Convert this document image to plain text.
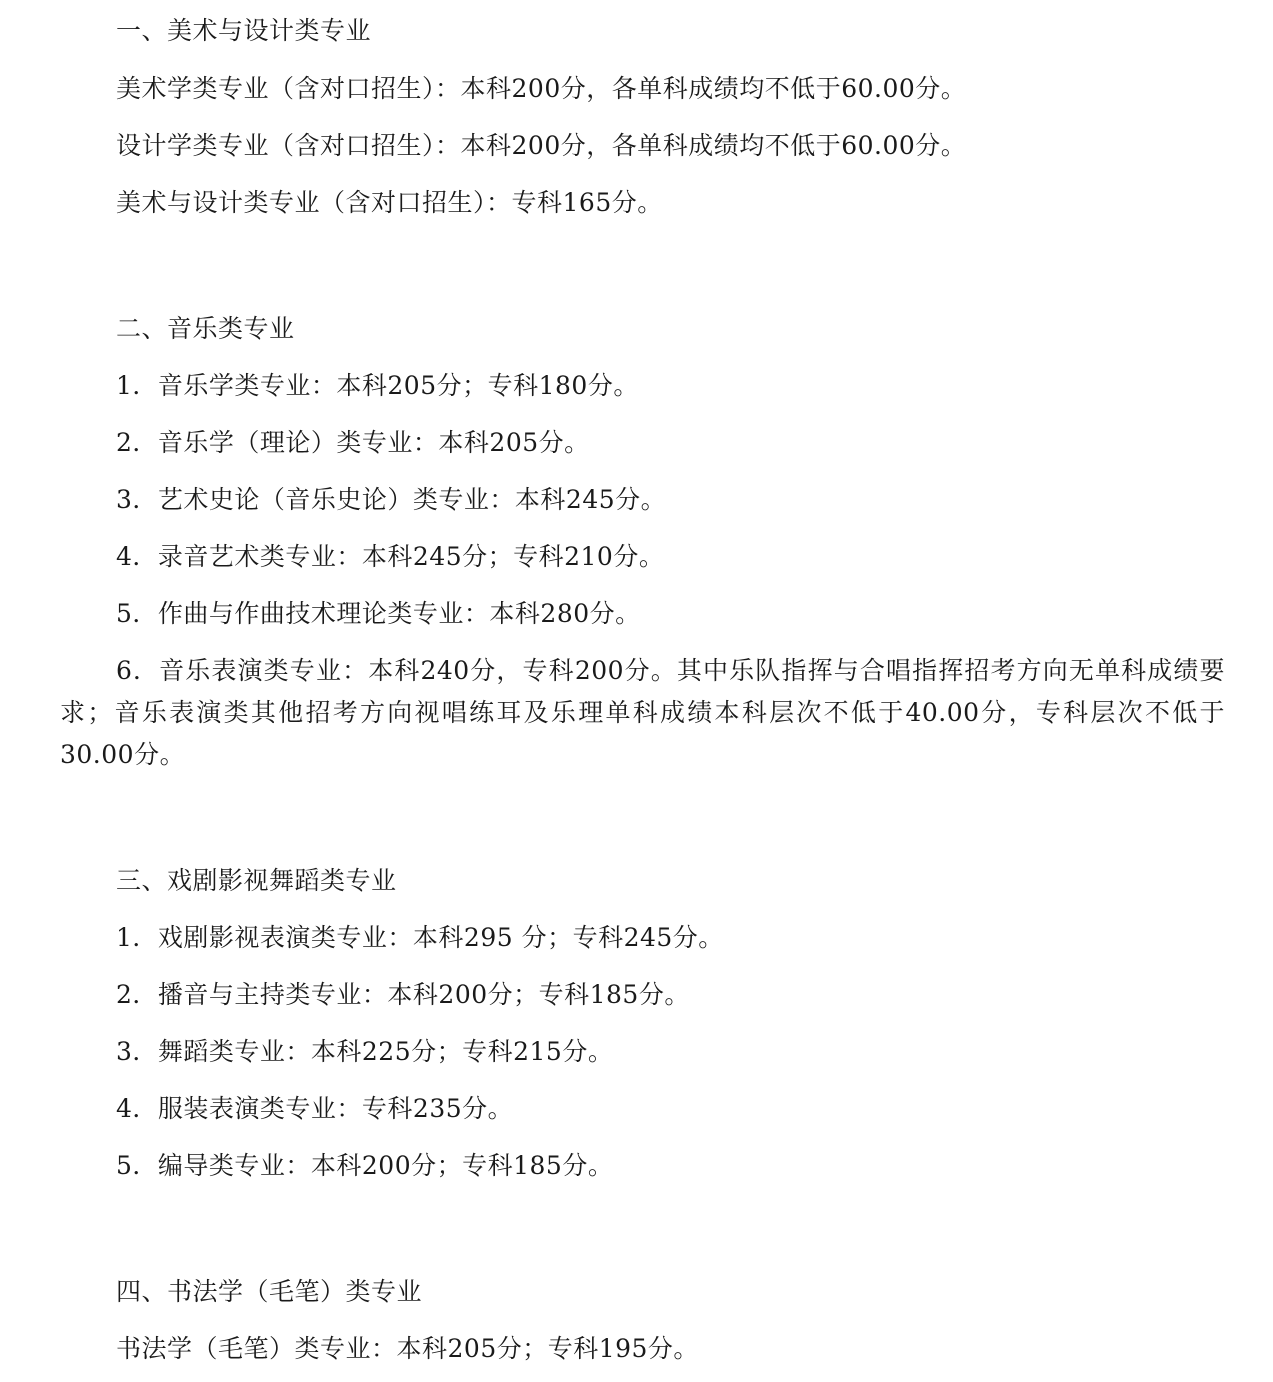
一、美术与设计类专业
美术学类专业（含对口招生）：本科200分，各单科成绩均不低于60.00分。
设计学类专业（含对口招生）：本科200分，各单科成绩均不低于60.00分。
美术与设计类专业（含对口招生）：专科165分。
二、音乐类专业
1．音乐学类专业：本科205分；专科180分。
2．音乐学（理论）类专业：本科205分。
3．艺术史论（音乐史论）类专业：本科245分。
4．录音艺术类专业：本科245分；专科210分。
5．作曲与作曲技术理论类专业：本科280分。
6．音乐表演类专业：本科240分，专科200分。其中乐队指挥与合唱指挥招考方向无单科成绩要求；音乐表演类其他招考方向视唱练耳及乐理单科成绩本科层次不低于40.00分，专科层次不低于30.00分。
三、戏剧影视舞蹈类专业
1．戏剧影视表演类专业：本科295 分；专科245分。
2．播音与主持类专业：本科200分；专科185分。
3．舞蹈类专业：本科225分；专科215分。
4．服装表演类专业：专科235分。
5．编导类专业：本科200分；专科185分。
四、书法学（毛笔）类专业
书法学（毛笔）类专业：本科205分；专科195分。
